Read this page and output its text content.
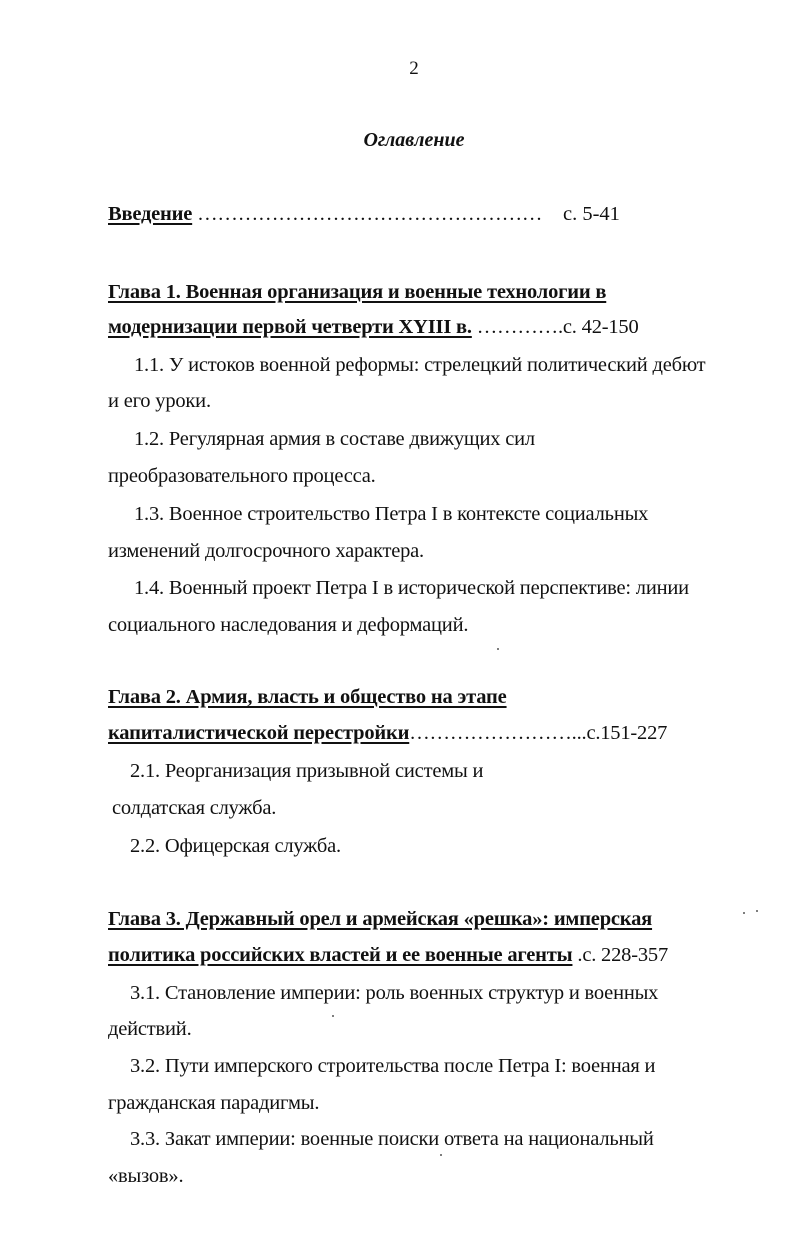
2
Оглавление
Введение …………………………………………… с. 5-41
Глава 1. Военная организация и военные технологии в
модернизации первой четверти XYIII в. ………….с. 42-150
1.1. У истоков военной реформы: стрелецкий политический дебют
и его уроки.
1.2. Регулярная армия в составе движущих сил
преобразовательного процесса.
1.3. Военное строительство Петра I в контексте социальных
изменений долгосрочного характера.
1.4. Военный проект Петра I в исторической перспективе: линии
социального наследования и деформаций.
Глава 2. Армия, власть и общество на этапе
капиталистической перестройки……………………...с.151-227
2.1. Реорганизация призывной системы и
солдатская служба.
2.2. Офицерская служба.
Глава 3. Державный орел и армейская «решка»: имперская
политика российских властей и ее военные агенты .с. 228-357
3.1. Становление империи: роль военных структур и военных
действий.
3.2. Пути имперского строительства после Петра I: военная и
гражданская парадигмы.
3.3. Закат империи: военные поиски ответа на национальный
«вызов».
